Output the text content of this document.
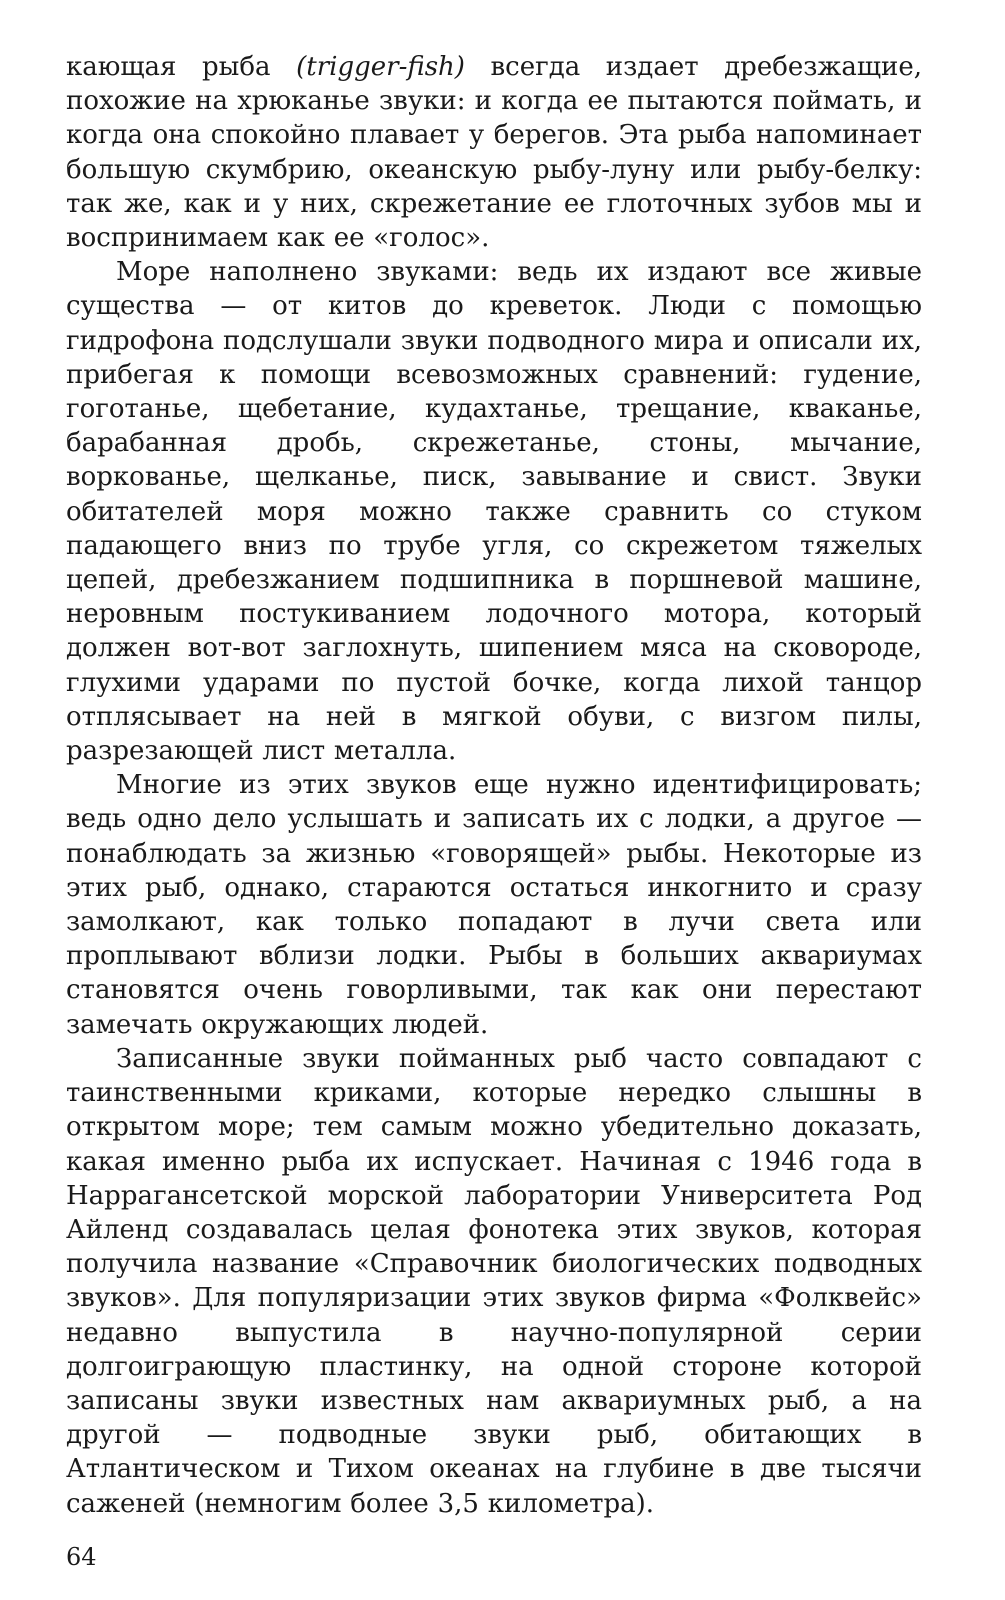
кающая рыба (trigger-fish) всегда издает дребезжащие, похожие на хрюканье звуки: и когда ее пытаются поймать, и когда она спокойно плавает у берегов. Эта рыба напоминает большую скумбрию, океанскую рыбу-луну или рыбу-белку: так же, как и у них, скрежетание ее глоточных зубов мы и воспринимаем как ее «голос».

Море наполнено звуками: ведь их издают все живые существа — от китов до креветок. Люди с помощью гидрофона подслушали звуки подводного мира и описали их, прибегая к помощи всевозможных сравнений: гудение, гоготанье, щебетание, кудахтанье, трещание, кваканье, барабанная дробь, скрежетанье, стоны, мычание, воркованье, щелканье, писк, завывание и свист. Звуки обитателей моря можно также сравнить со стуком падающего вниз по трубе угля, со скрежетом тяжелых цепей, дребезжанием подшипника в поршневой машине, неровным постукиванием лодочного мотора, который должен вот-вот заглохнуть, шипением мяса на сковороде, глухими ударами по пустой бочке, когда лихой танцор отплясывает на ней в мягкой обуви, с визгом пилы, разрезающей лист металла.

Многие из этих звуков еще нужно идентифицировать; ведь одно дело услышать и записать их с лодки, а другое — понаблюдать за жизнью «говорящей» рыбы. Некоторые из этих рыб, однако, стараются остаться инкогнито и сразу замолкают, как только попадают в лучи света или проплывают вблизи лодки. Рыбы в больших аквариумах становятся очень говорливыми, так как они перестают замечать окружающих людей.

Записанные звуки пойманных рыб часто совпадают с таинственными криками, которые нередко слышны в открытом море; тем самым можно убедительно доказать, какая именно рыба их испускает. Начиная с 1946 года в Наррагансетской морской лаборатории Университета Род Айленд создавалась целая фонотека этих звуков, которая получила название «Справочник биологических подводных звуков». Для популяризации этих звуков фирма «Фолквейс» недавно выпустила в научно-популярной серии долгоиграющую пластинку, на одной стороне которой записаны звуки известных нам аквариумных рыб, а на другой — подводные звуки рыб, обитающих в Атлантическом и Тихом океанах на глубине в две тысячи саженей (немногим более 3,5 километра).

64
